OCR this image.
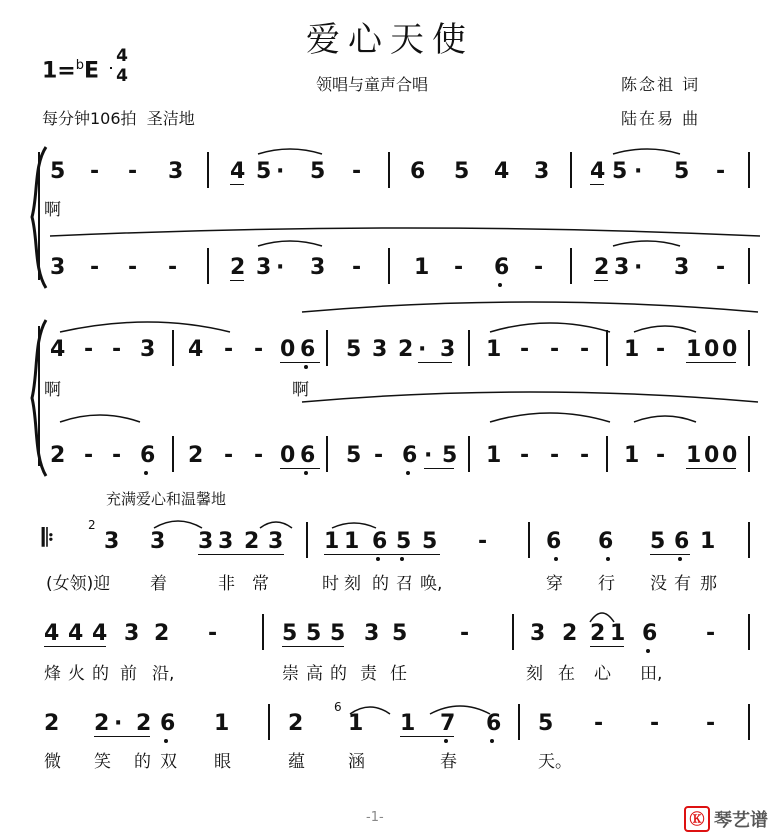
爱心天使
1=$^b$E
4
4	领唱与童声合唱
每分钟106拍 圣洁地
陈念祖 词
陆在易 曲
5 - - 3 4 5 · 5 - 6 5 4 3 4 5 · 5 -
啊
3 - - - 2 3 · 3 - 1 - 6 - 2 3 · 3 -
4 - - 3 4 - - 0 6 5 3 2 · 3 1 - - - 1 - 1 0 0
啊	啊
2 - - 6 2 - - 0 6 5 - 6 · 5 1 - - - 1 - 1 0 0
充满爱心和温馨地
𝄆	2
3 3 3 3 2 3 1 1 6 5 5 -	6 6 5 6 1
(女领)迎 着	非 常	时 刻 的 召 唤,	穿 行 没 有 那
4 4 4 3 2 -	5 5 5 3 5 -	3 2 2 1 6 -
烽 火 的 前 沿,	崇 高 的 责 任	刻 在 心 田,
2 2 · 2 6 1	2
6
1 1 7 6 5 - - -
微 笑 的 双 眼	蕴	涵	春	天。
-1-	Ⓚ 琴艺谱
